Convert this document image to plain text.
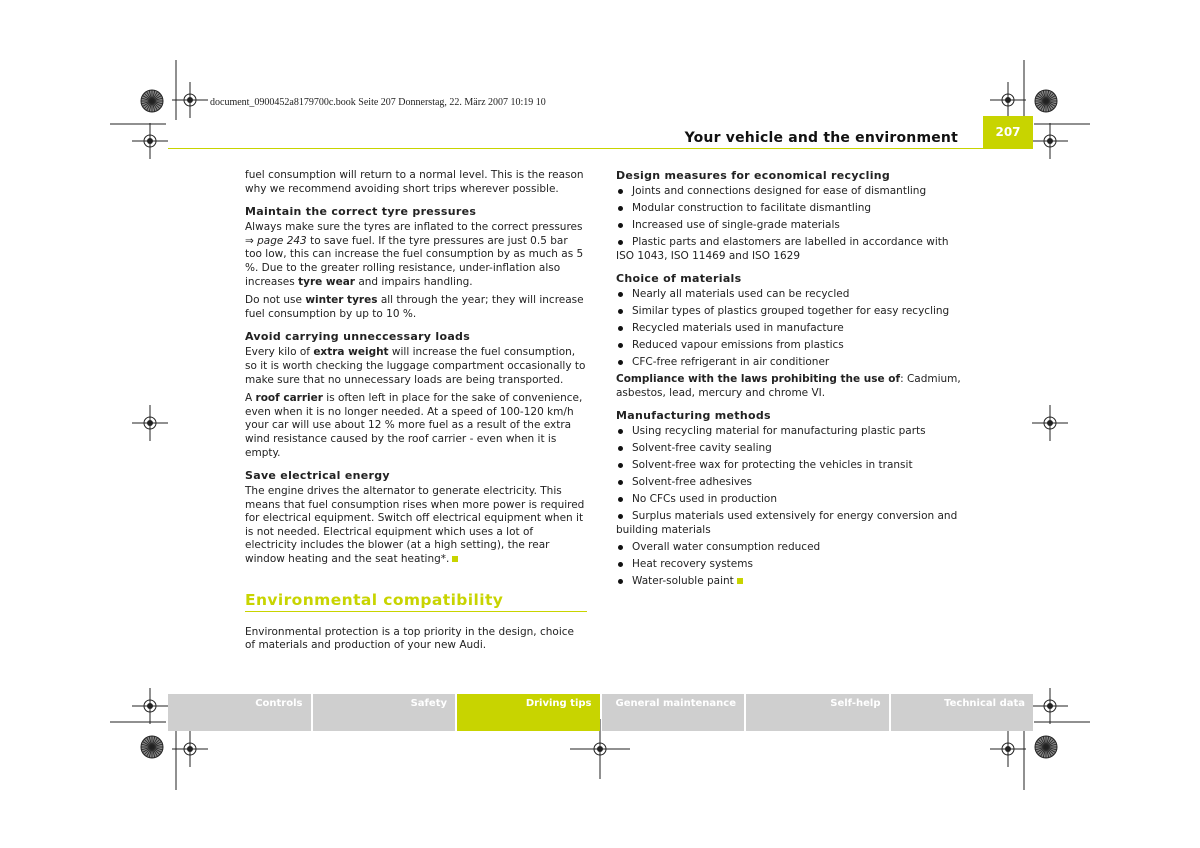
document_0900452a8179700c.book Seite 207 Donnerstag, 22. März 2007 10:19 10
Your vehicle and the environment	207

fuel consumption will return to a normal level. This is the reason why we recommend avoiding short trips wherever possible.

Maintain the correct tyre pressures

Always make sure the tyres are inflated to the correct pressures ⇒ page 243 to save fuel. If the tyre pressures are just 0.5 bar too low, this can increase the fuel consumption by as much as 5 %. Due to the greater rolling resistance, under-inflation also increases tyre wear and impairs handling.

Do not use winter tyres all through the year; they will increase fuel consumption by up to 10 %.

Avoid carrying unneccessary loads

Every kilo of extra weight will increase the fuel consumption, so it is worth checking the luggage compartment occasionally to make sure that no unnecessary loads are being transported.

A roof carrier is often left in place for the sake of convenience, even when it is no longer needed. At a speed of 100-120 km/h your car will use about 12 % more fuel as a result of the extra wind resistance caused by the roof carrier - even when it is empty.

Save electrical energy

The engine drives the alternator to generate electricity. This means that fuel consumption rises when more power is required for electrical equipment. Switch off electrical equipment when it is not needed. Electrical equipment which uses a lot of electricity includes the blower (at a high setting), the rear window heating and the seat heating*.

Environmental compatibility

Environmental protection is a top priority in the design, choice of materials and production of your new Audi.

Design measures for economical recycling
Joints and connections designed for ease of dismantling
Modular construction to facilitate dismantling
Increased use of single-grade materials
Plastic parts and elastomers are labelled in accordance with ISO 1043, ISO 11469 and ISO 1629
Choice of materials
Nearly all materials used can be recycled
Similar types of plastics grouped together for easy recycling
Recycled materials used in manufacture
Reduced vapour emissions from plastics
CFC-free refrigerant in air conditioner

Compliance with the laws prohibiting the use of: Cadmium, asbestos, lead, mercury and chrome VI.

Manufacturing methods
Using recycling material for manufacturing plastic parts
Solvent-free cavity sealing
Solvent-free wax for protecting the vehicles in transit
Solvent-free adhesives
No CFCs used in production
Surplus materials used extensively for energy conversion and building materials
Overall water consumption reduced
Heat recovery systems
Water-soluble paint
Controls	Safety	Driving tips	General maintenance	Self-help	Technical data
